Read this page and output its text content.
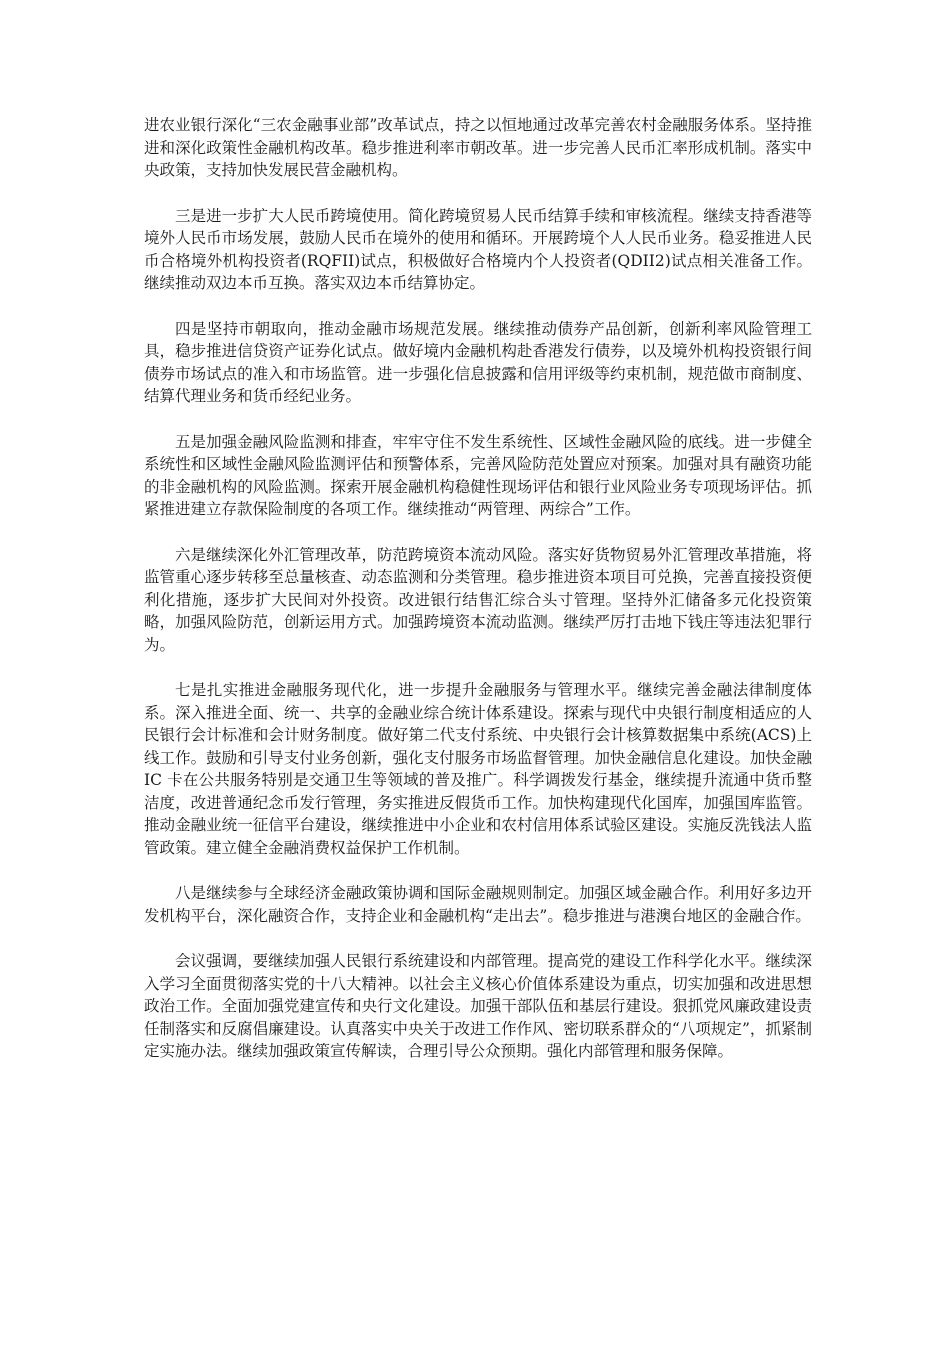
进农业银行深化“三农金融事业部”改革试点，持之以恒地通过改革完善农村金融服务体系。坚持推进和深化政策性金融机构改革。稳步推进利率市朝改革。进一步完善人民币汇率形成机制。落实中央政策，支持加快发展民营金融机构。

三是进一步扩大人民币跨境使用。简化跨境贸易人民币结算手续和审核流程。继续支持香港等境外人民币市场发展，鼓励人民币在境外的使用和循环。开展跨境个人人民币业务。稳妥推进人民币合格境外机构投资者(RQFII)试点，积极做好合格境内个人投资者(QDII2)试点相关准备工作。继续推动双边本币互换。落实双边本币结算协定。

四是坚持市朝取向，推动金融市场规范发展。继续推动债券产品创新，创新利率风险管理工具，稳步推进信贷资产证券化试点。做好境内金融机构赴香港发行债券，以及境外机构投资银行间债券市场试点的准入和市场监管。进一步强化信息披露和信用评级等约束机制，规范做市商制度、结算代理业务和货币经纪业务。

五是加强金融风险监测和排查，牢牢守住不发生系统性、区域性金融风险的底线。进一步健全系统性和区域性金融风险监测评估和预警体系，完善风险防范处置应对预案。加强对具有融资功能的非金融机构的风险监测。探索开展金融机构稳健性现场评估和银行业风险业务专项现场评估。抓紧推进建立存款保险制度的各项工作。继续推动“两管理、两综合”工作。

六是继续深化外汇管理改革，防范跨境资本流动风险。落实好货物贸易外汇管理改革措施，将监管重心逐步转移至总量核查、动态监测和分类管理。稳步推进资本项目可兑换，完善直接投资便利化措施，逐步扩大民间对外投资。改进银行结售汇综合头寸管理。坚持外汇储备多元化投资策略，加强风险防范，创新运用方式。加强跨境资本流动监测。继续严厉打击地下钱庄等违法犯罪行为。

七是扎实推进金融服务现代化，进一步提升金融服务与管理水平。继续完善金融法律制度体系。深入推进全面、统一、共享的金融业综合统计体系建设。探索与现代中央银行制度相适应的人民银行会计标准和会计财务制度。做好第二代支付系统、中央银行会计核算数据集中系统(ACS)上线工作。鼓励和引导支付业务创新，强化支付服务市场监督管理。加快金融信息化建设。加快金融 IC 卡在公共服务特别是交通卫生等领域的普及推广。科学调拨发行基金，继续提升流通中货币整洁度，改进普通纪念币发行管理，务实推进反假货币工作。加快构建现代化国库，加强国库监管。推动金融业统一征信平台建设，继续推进中小企业和农村信用体系试验区建设。实施反洗钱法人监管政策。建立健全金融消费权益保护工作机制。

八是继续参与全球经济金融政策协调和国际金融规则制定。加强区域金融合作。利用好多边开发机构平台，深化融资合作，支持企业和金融机构“走出去”。稳步推进与港澳台地区的金融合作。

会议强调，要继续加强人民银行系统建设和内部管理。提高党的建设工作科学化水平。继续深入学习全面贯彻落实党的十八大精神。以社会主义核心价值体系建设为重点，切实加强和改进思想政治工作。全面加强党建宣传和央行文化建设。加强干部队伍和基层行建设。狠抓党风廉政建设责任制落实和反腐倡廉建设。认真落实中央关于改进工作作风、密切联系群众的“八项规定”，抓紧制定实施办法。继续加强政策宣传解读，合理引导公众预期。强化内部管理和服务保障。
